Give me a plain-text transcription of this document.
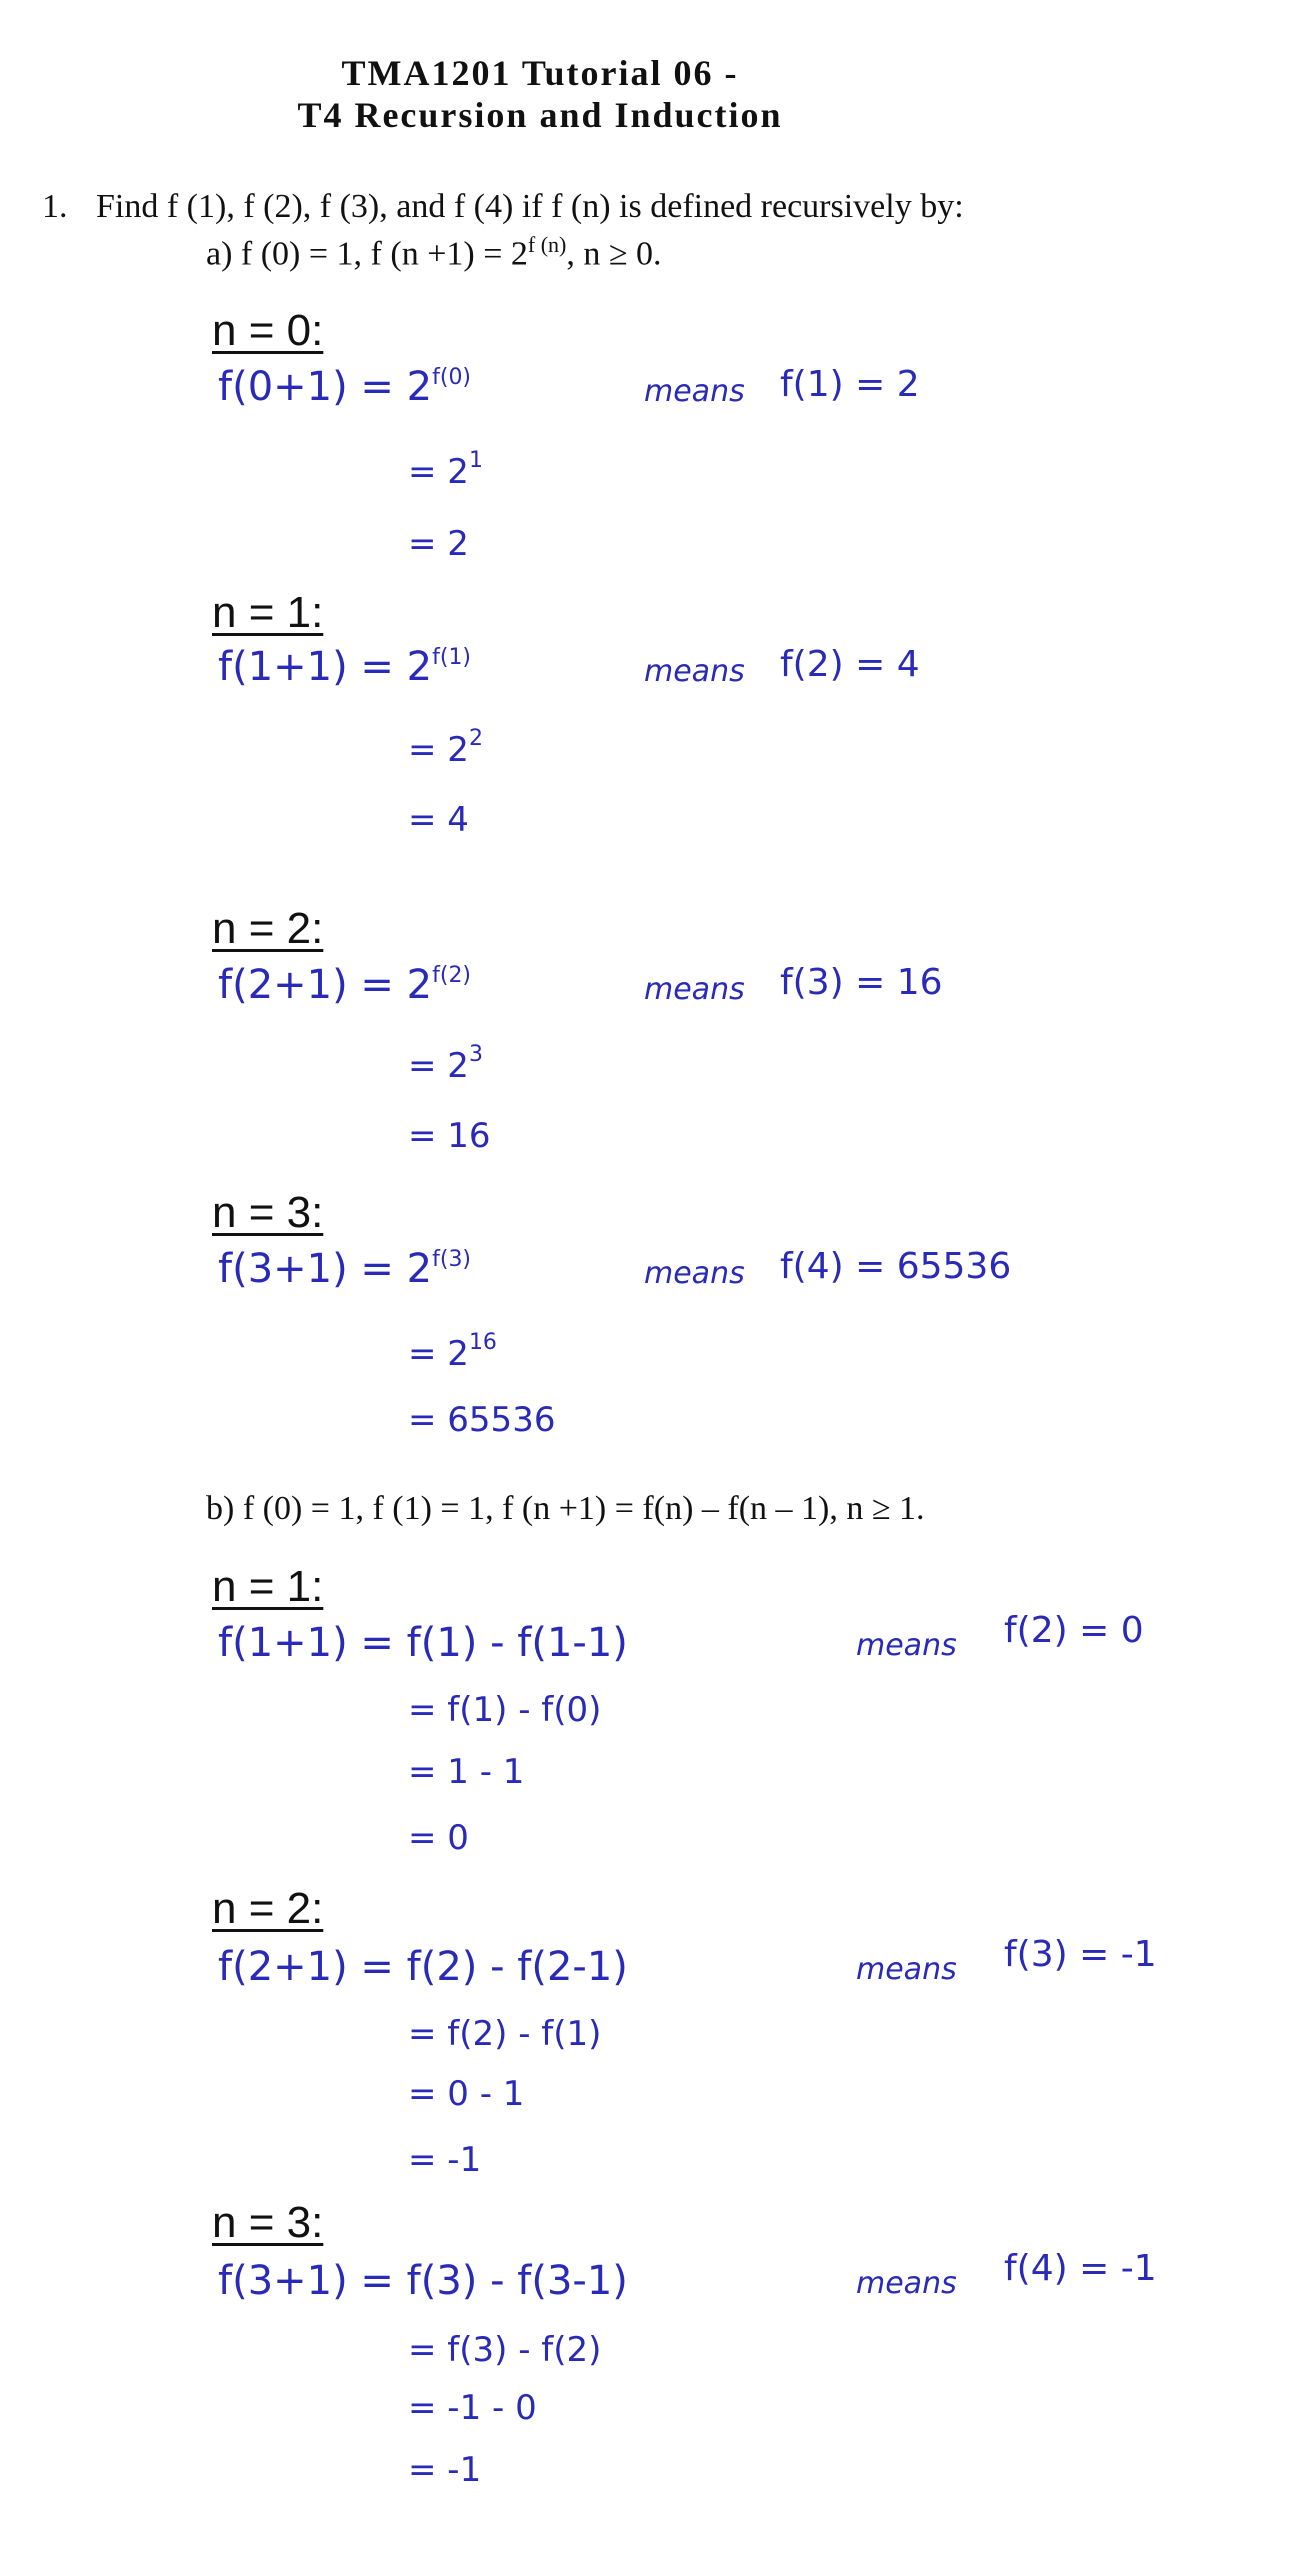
TMA1201 Tutorial 06 -
T4 Recursion and Induction
1. Find f (1), f (2), f (3), and f (4) if f (n) is defined recursively by:
a) f (0) = 1, f $(n +1) = 2^{f (n)}$, n ≥ 0.
n = 0:
$f(0+1) = 2^{f(0)}$	means f(1) = 2
= $2^1$
= 2
n = 1:
$f(1+1) = 2^{f(1)}$	means f(2) = 4
= $2^2$
= 4
n = 2:
$f(2+1) = 2^{f(2)}$	means f(3) = 16
= $2^3$
= 16
n = 3:
$f(3+1) = 2^{f(3)}$	means f(4) = 65536
= $2^{16}$
= 65536
b) f (0) = 1, f (1) = 1, f (n +1) = f(n) – f(n – 1), n ≥ 1.
n = 1:
f(1+1) = f(1) - f(1-1)	means f(2) = 0
= f(1) - f(0)
= 1 - 1
= 0
n = 2:
f(2+1) = f(2) - f(2-1)	means f(3) = -1
= f(2) - f(1)
= 0 - 1
= -1
n = 3:
f(3+1) = f(3) - f(3-1)	means f(4) = -1
= f(3) - f(2)
= -1 - 0
= -1
